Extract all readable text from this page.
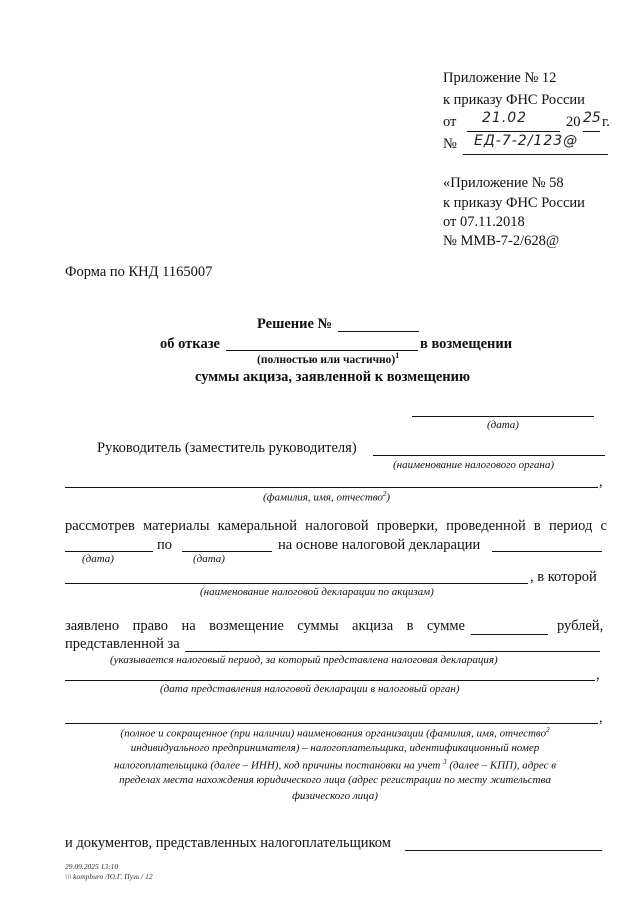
Приложение № 12
к приказу ФНС России
от 21.02	20 25 г.
№ ЕД-7-2/123@
«Приложение № 58
к приказу ФНС России
от 07.11.2018
№ ММВ-7-2/628@
Форма по КНД 1165007
Решение №
об отказе	в возмещении
(полностью или частично)$^1$
суммы акциза, заявленной к возмещению
(дата)
Руководитель (заместитель руководителя)
(наименование налогового органа)
,
(фамилия, имя, отчество$^2$)
рассмотрев материалы камеральной налоговой проверки, проведенной в период с
по	на основе налоговой декларации
(дата)	(дата)
, в которой
(наименование налоговой декларации по акцизам)
заявлено право на возмещение суммы акциза в сумме	рублей,
представленной за
(указывается налоговый период, за который представлена налоговая декларация)
,
(дата представления налоговой декларации в налоговый орган)
,
(полное и сокращенное (при наличии) наименования организации (фамилия, имя, отчество$^2$
индивидуального предпринимателя) – налогоплательщика, идентификационный номер
налогоплательщика (далее – ИНН), код причины постановки на учет $^3$ (далее – КПП), адрес в
пределах места нахождения юридического лица (адрес регистрации по месту жительства
физического лица)
и документов, представленных налогоплательщиком
29.09.2025 13:10
\\\ kompburo /Ю.Г. Пузь / 12
